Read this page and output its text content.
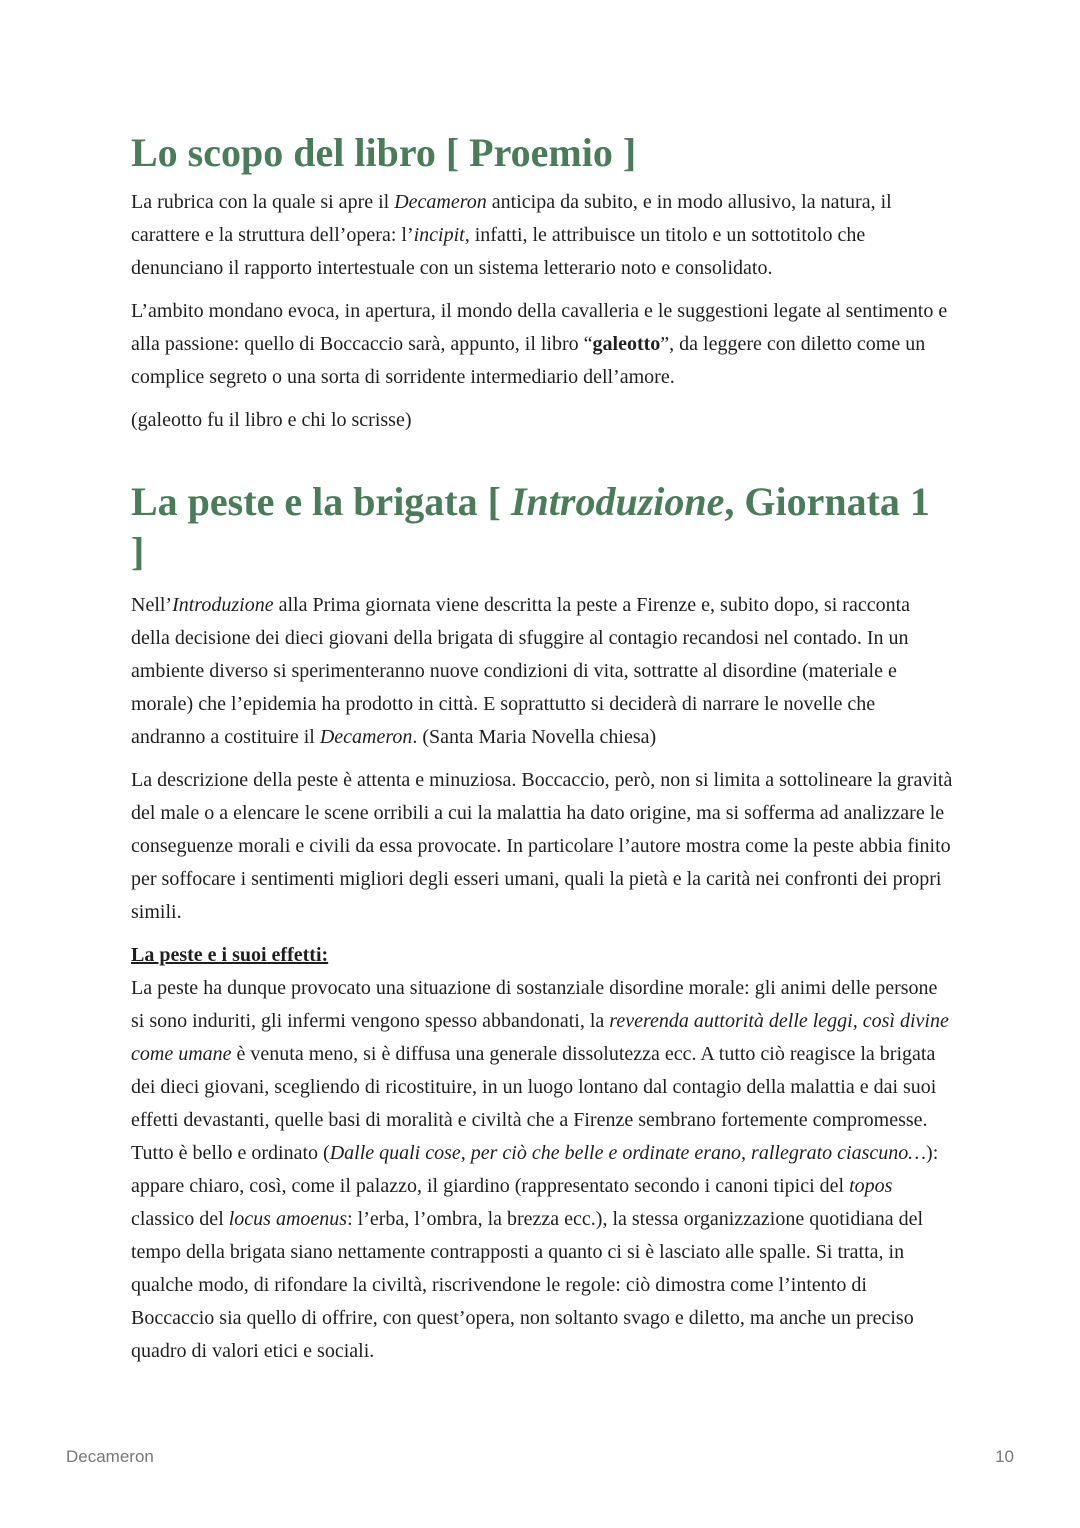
Lo scopo del libro [ Proemio ]

La rubrica con la quale si apre il Decameron anticipa da subito, e in modo allusivo, la natura, il carattere e la struttura dell’opera: l’incipit, infatti, le attribuisce un titolo e un sottotitolo che denunciano il rapporto intertestuale con un sistema letterario noto e consolidato.

L’ambito mondano evoca, in apertura, il mondo della cavalleria e le suggestioni legate al sentimento e alla passione: quello di Boccaccio sarà, appunto, il libro “galeotto”, da leggere con diletto come un complice segreto o una sorta di sorridente intermediario dell’amore.

(galeotto fu il libro e chi lo scrisse)

La peste e la brigata [ Introduzione, Giornata 1 ]

Nell’Introduzione alla Prima giornata viene descritta la peste a Firenze e, subito dopo, si racconta della decisione dei dieci giovani della brigata di sfuggire al contagio recandosi nel contado. In un ambiente diverso si sperimenteranno nuove condizioni di vita, sottratte al disordine (materiale e morale) che l’epidemia ha prodotto in città. E soprattutto si deciderà di narrare le novelle che andranno a costituire il Decameron. (Santa Maria Novella chiesa)

La descrizione della peste è attenta e minuziosa. Boccaccio, però, non si limita a sottolineare la gravità del male o a elencare le scene orribili a cui la malattia ha dato origine, ma si sofferma ad analizzare le conseguenze morali e civili da essa provocate. In particolare l’autore mostra come la peste abbia finito per soffocare i sentimenti migliori degli esseri umani, quali la pietà e la carità nei confronti dei propri simili.

La peste e i suoi effetti:

La peste ha dunque provocato una situazione di sostanziale disordine morale: gli animi delle persone si sono induriti, gli infermi vengono spesso abbandonati, la reverenda auttorità delle leggi, così divine come umane è venuta meno, si è diffusa una generale dissolutezza ecc. A tutto ciò reagisce la brigata dei dieci giovani, scegliendo di ricostituire, in un luogo lontano dal contagio della malattia e dai suoi effetti devastanti, quelle basi di moralità e civiltà che a Firenze sembrano fortemente compromesse. Tutto è bello e ordinato (Dalle quali cose, per ciò che belle e ordinate erano, rallegrato ciascuno…): appare chiaro, così, come il palazzo, il giardino (rappresentato secondo i canoni tipici del topos classico del locus amoenus: l’erba, l’ombra, la brezza ecc.), la stessa organizzazione quotidiana del tempo della brigata siano nettamente contrapposti a quanto ci si è lasciato alle spalle. Si tratta, in qualche modo, di rifondare la civiltà, riscrivendone le regole: ciò dimostra come l’intento di Boccaccio sia quello di offrire, con quest’opera, non soltanto svago e diletto, ma anche un preciso quadro di valori etici e sociali.

Decameron	10
